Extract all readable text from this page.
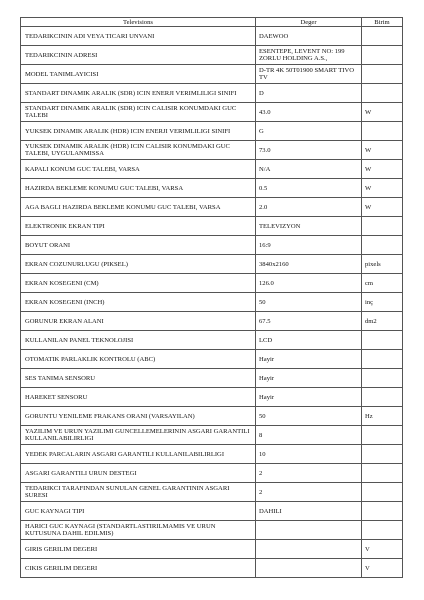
Televisions	Deger	Birim
TEDARIKCININ ADI VEYA TICARI UNVANI	DAEWOO	
TEDARIKCININ ADRESI	ESENTEPE, LEVENT NO: 199 ZORLU HOLDING A.S.,	
MODEL TANIMLAYICISI	D-TR 4K 50T01900 SMART TIVO TV	
STANDART DINAMIK ARALIK (SDR) ICIN ENERJI VERIMLILIGI SINIFI	D	
STANDART DINAMIK ARALIK (SDR) ICIN CALISIR KONUMDAKI GUC TALEBI	43.0	W
YUKSEK DINAMIK ARALIK (HDR) ICIN ENERJI VERIMLILIGI SINIFI	G	
YUKSEK DINAMIK ARALIK (HDR) ICIN CALISIR KONUMDAKI GUC TALEBI, UYGULANMISSA	73.0	W
KAPALI KONUM GUC TALEBI, VARSA	N/A	W
HAZIRDA BEKLEME KONUMU GUC TALEBI, VARSA	0.5	W
AGA BAGLI HAZIRDA BEKLEME KONUMU GUC TALEBI, VARSA	2.0	W
ELEKTRONIK EKRAN TIPI	TELEVIZYON	
BOYUT ORANI	16:9	
EKRAN COZUNURLUGU (PIKSEL)	3840x2160	pixels
EKRAN KOSEGENI (CM)	126.0	cm
EKRAN KOSEGENI (INCH)	50	inç
GORUNUR EKRAN ALANI	67.5	dm2
KULLANILAN PANEL TEKNOLOJISI	LCD	
OTOMATIK PARLAKLIK KONTROLU (ABC)	Hayir	
SES TANIMA SENSORU	Hayir	
HAREKET SENSORU	Hayir	
GORUNTU YENILEME FRAKANS ORANI (VARSAYILAN)	50	Hz
YAZILIM VE URUN YAZILIMI GUNCELLEMELERININ ASGARI GARANTILI KULLANILABILIRLIGI	8	
YEDEK PARCALARIN ASGARI GARANTILI KULLANILABILIRLIGI	10	
ASGARI GARANTILI URUN DESTEGI	2	
TEDARIKCI TARAFINDAN SUNULAN GENEL GARANTININ ASGARI SURESI	2	
GUC KAYNAGI TIPI	DAHILI	
HARICI GUC KAYNAGI (STANDARTLASTIRILMAMIS VE URUN KUTUSUNA DAHIL EDILMIS)		
GIRIS GERILIM DEGERI		V
CIKIS GERILIM DEGERI		V
